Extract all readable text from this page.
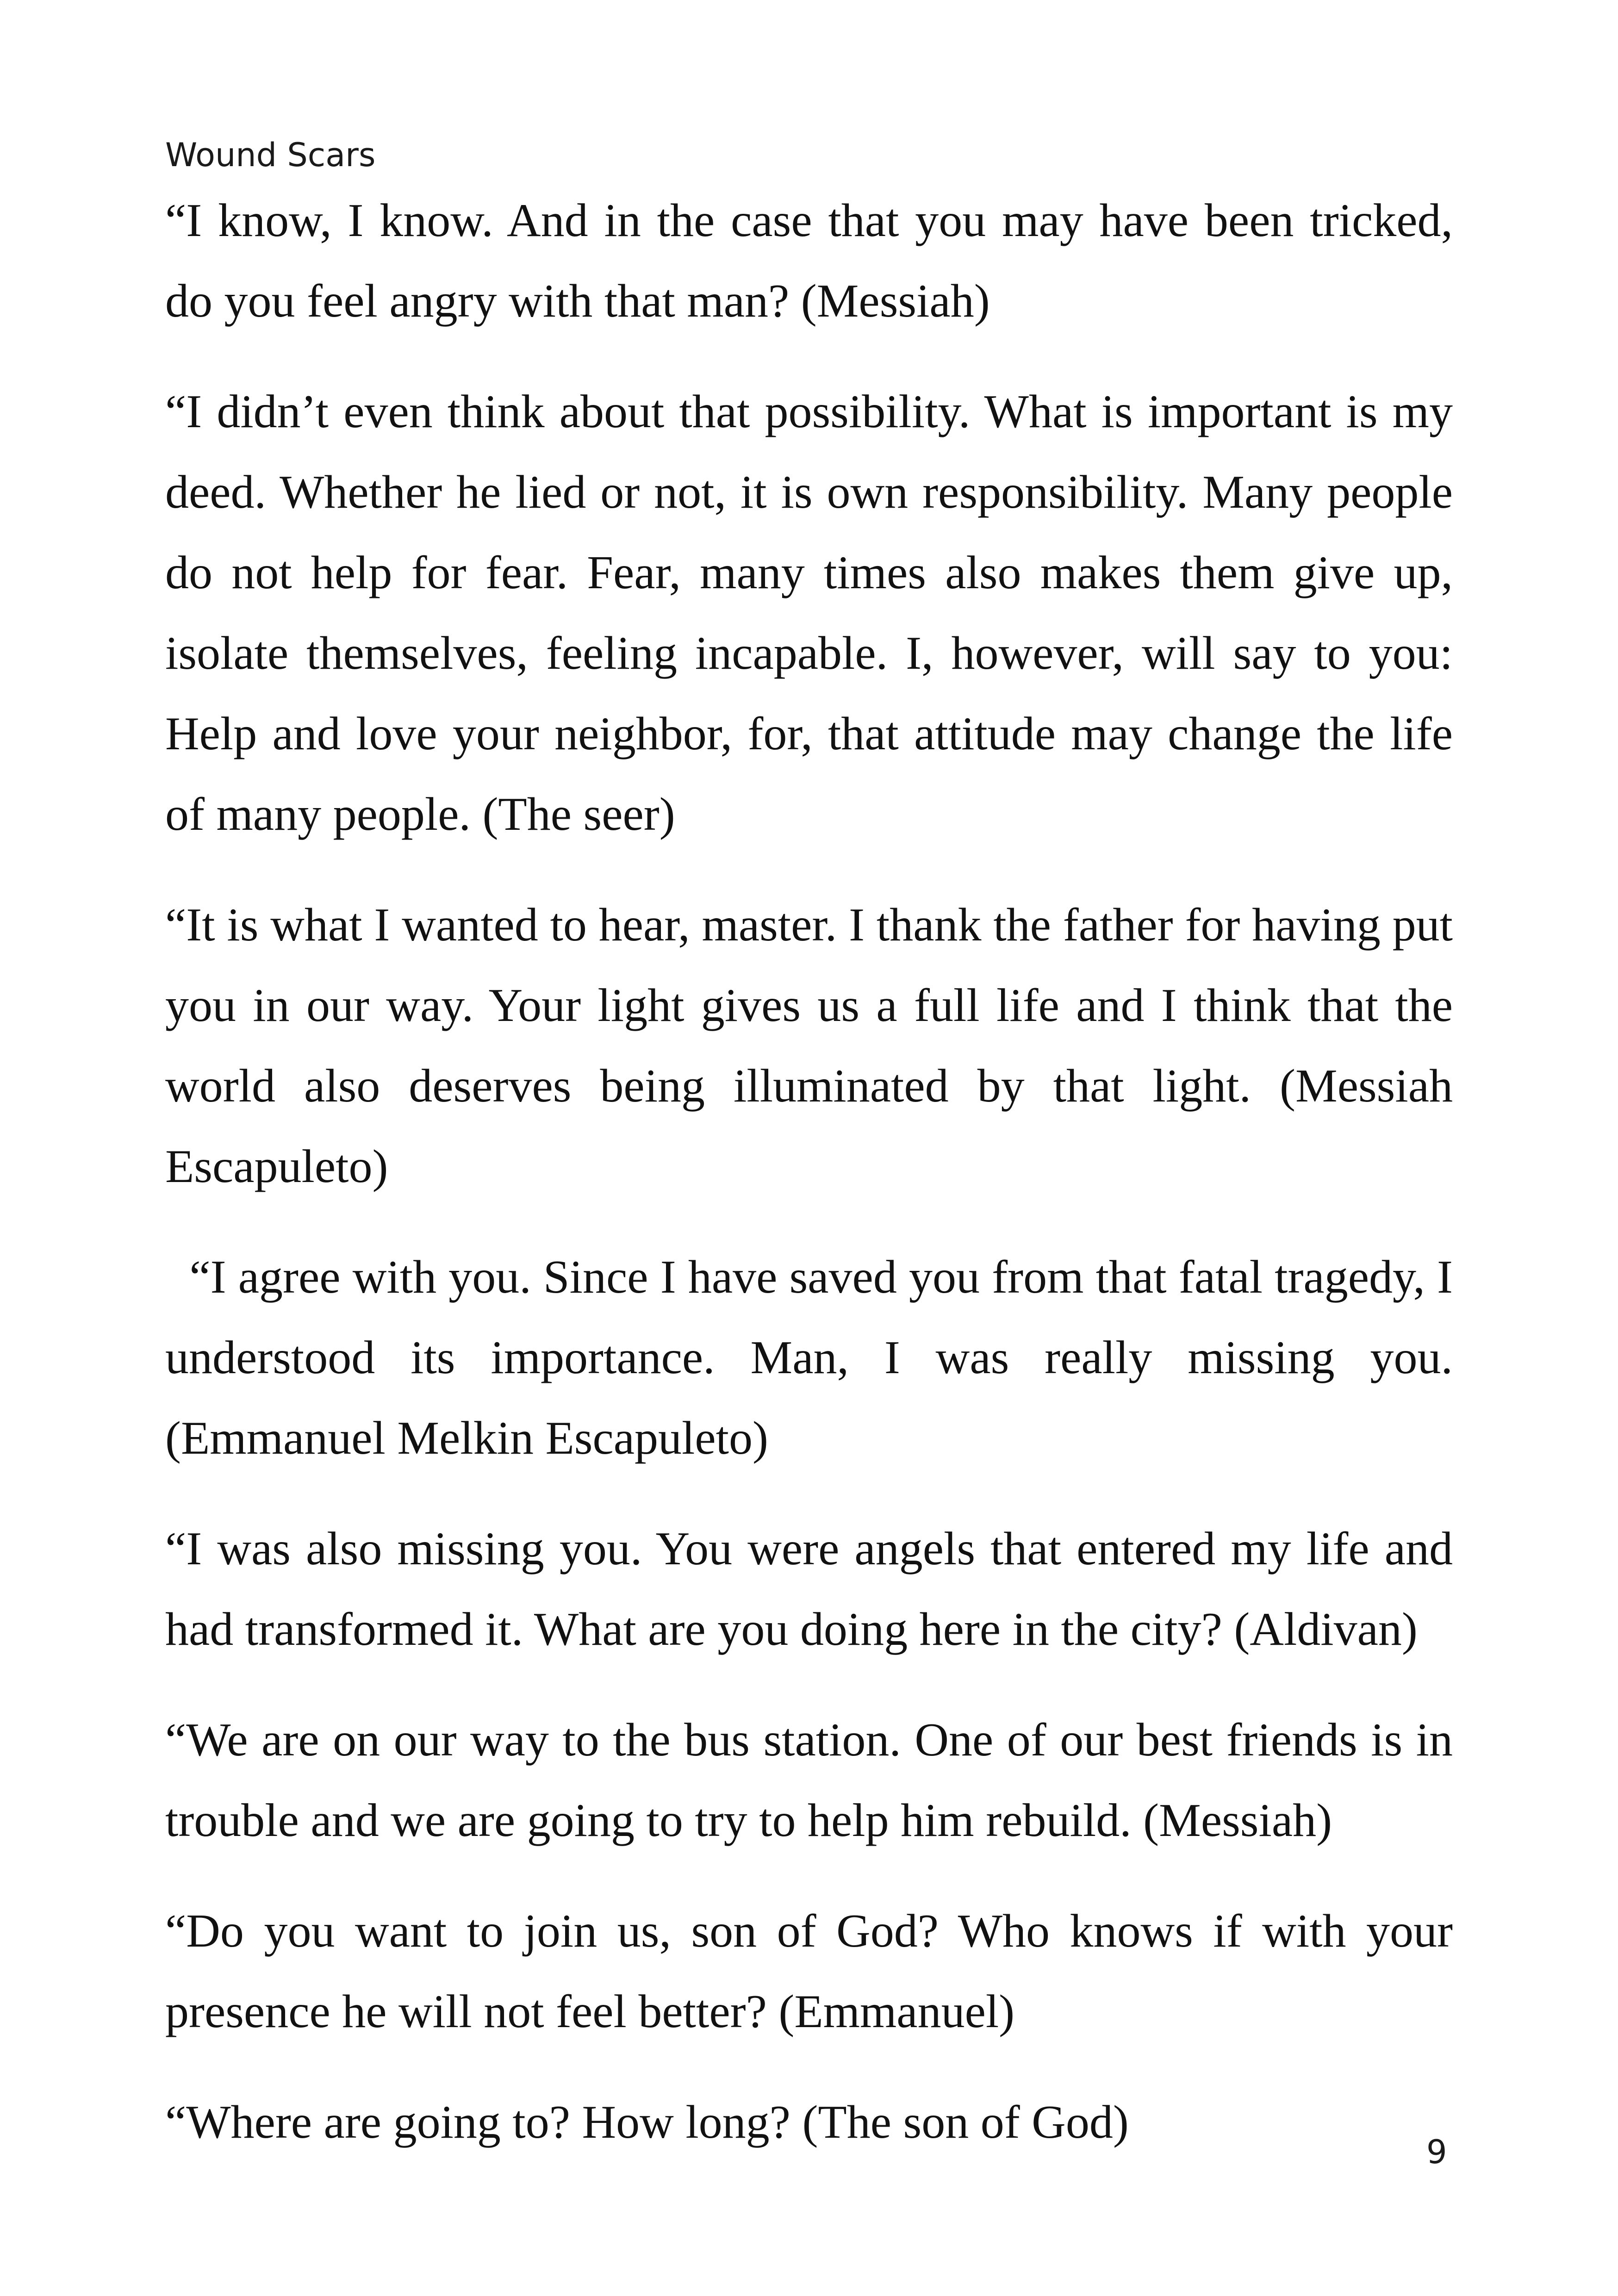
Wound Scars

“I know, I know. And in the case that you may have been tricked, do you feel angry with that man? (Messiah)

“I didn’t even think about that possibility. What is important is my deed. Whether he lied or not, it is own responsibility. Many people do not help for fear. Fear, many times also makes them give up, isolate themselves, feeling incapable. I, however, will say to you: Help and love your neighbor, for, that attitude may change the life of many people. (The seer)

“It is what I wanted to hear, master. I thank the father for having put you in our way. Your light gives us a full life and I think that the world also deserves being illuminated by that light. (Messiah Escapuleto)

“I agree with you. Since I have saved you from that fatal tragedy, I understood its importance. Man, I was really missing you. (Emmanuel Melkin Escapuleto)

“I was also missing you. You were angels that entered my life and had transformed it. What are you doing here in the city? (Aldivan)

“We are on our way to the bus station. One of our best friends is in trouble and we are going to try to help him rebuild. (Messiah)

“Do you want to join us, son of God? Who knows if with your presence he will not feel better? (Emmanuel)

“Where are going to? How long? (The son of God)

9
